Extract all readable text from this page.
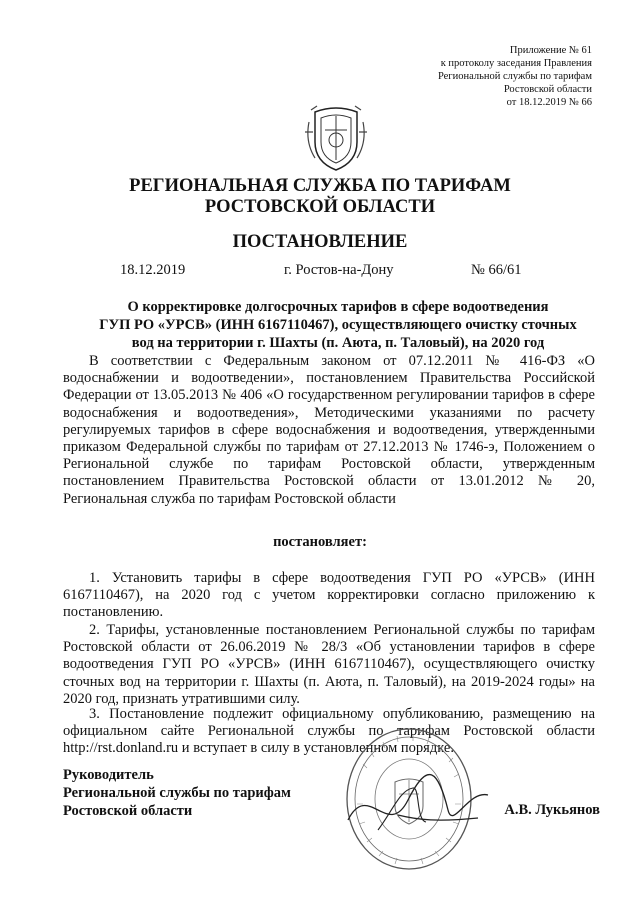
Приложение № 61
к протоколу заседания Правления
Региональной службы по тарифам
Ростовской области
от 18.12.2019 № 66
РЕГИОНАЛЬНАЯ СЛУЖБА ПО ТАРИФАМ
РОСТОВСКОЙ ОБЛАСТИ
ПОСТАНОВЛЕНИЕ
18.12.2019	г. Ростов-на-Дону	№ 66/61
О корректировке долгосрочных тарифов в сфере водоотведения
ГУП РО «УРСВ» (ИНН 6167110467), осуществляющего очистку сточных
вод на территории г. Шахты (п. Аюта, п. Таловый), на 2020 год
В соответствии с Федеральным законом от 07.12.2011 № 416-ФЗ «О водоснабжении и водоотведении», постановлением Правительства Российской Федерации от 13.05.2013 № 406 «О государственном регулировании тарифов в сфере водоснабжения и водоотведения», Методическими указаниями по расчету регулируемых тарифов в сфере водоснабжения и водоотведения, утвержденными приказом Федеральной службы по тарифам от 27.12.2013 № 1746-э, Положением о Региональной службе по тарифам Ростовской области, утвержденным постановлением Правительства Ростовской области от 13.01.2012 № 20, Региональная служба по тарифам Ростовской области
постановляет:
1. Установить тарифы в сфере водоотведения ГУП РО «УРСВ» (ИНН 6167110467), на 2020 год с учетом корректировки согласно приложению к постановлению.
2. Тарифы, установленные постановлением Региональной службы по тарифам Ростовской области от 26.06.2019 № 28/3 «Об установлении тарифов в сфере водоотведения ГУП РО «УРСВ» (ИНН 6167110467), осуществляющего очистку сточных вод на территории г. Шахты (п. Аюта, п. Таловый), на 2019-2024 годы» на 2020 год, признать утратившими силу.
3. Постановление подлежит официальному опубликованию, размещению на официальном сайте Региональной службы по тарифам Ростовской области http://rst.donland.ru и вступает в силу в установленном порядке.
Руководитель
Региональной службы по тарифам
Ростовской области	А.В. Лукьянов
